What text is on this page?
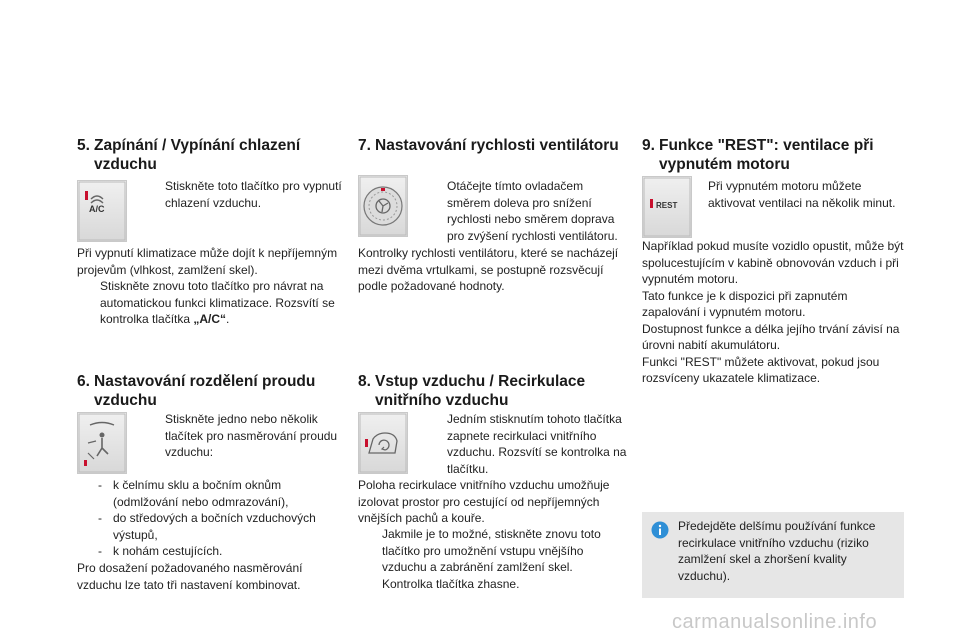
5. Zapínání / Vypínání chlazení vzduchu
A/C
Stiskněte toto tlačítko pro vypnutí chlazení vzduchu.
Při vypnutí klimatizace může dojít k nepříjemným projevům (vlhkost, zamlžení skel).
Stiskněte znovu toto tlačítko pro návrat na automatickou funkci klimatizace. Rozsvítí se kontrolka tlačítka „A/C“.
6. Nastavování rozdělení proudu vzduchu
Stiskněte jedno nebo několik tlačítek pro nasměrování proudu vzduchu:
- k čelnímu sklu a bočním oknům (odmlžování nebo odmrazování),
- do středových a bočních vzduchových výstupů,
- k nohám cestujících.
Pro dosažení požadovaného nasměrování vzduchu lze tato tři nastavení kombinovat.
7. Nastavování rychlosti ventilátoru
Otáčejte tímto ovladačem směrem doleva pro snížení rychlosti nebo směrem doprava pro zvýšení rychlosti ventilátoru.
Kontrolky rychlosti ventilátoru, které se nacházejí mezi dvěma vrtulkami, se postupně rozsvěcují podle požadované hodnoty.
8. Vstup vzduchu / Recirkulace vnitřního vzduchu
Jedním stisknutím tohoto tlačítka zapnete recirkulaci vnitřního vzduchu. Rozsvítí se kontrolka na tlačítku.
Poloha recirkulace vnitřního vzduchu umožňuje izolovat prostor pro cestující od nepříjemných vnějších pachů a kouře.
Jakmile je to možné, stiskněte znovu toto tlačítko pro umožnění vstupu vnějšího vzduchu a zabránění zamlžení skel. Kontrolka tlačítka zhasne.
9. Funkce "REST": ventilace při vypnutém motoru
REST
Při vypnutém motoru můžete aktivovat ventilaci na několik minut.
Například pokud musíte vozidlo opustit, může být spolucestujícím v kabině obnovován vzduch i při vypnutém motoru.
Tato funkce je k dispozici při zapnutém zapalování i vypnutém motoru.
Dostupnost funkce a délka jejího trvání závisí na úrovni nabití akumulátoru.
Funkci "REST" můžete aktivovat, pokud jsou rozsvíceny ukazatele klimatizace.
Předejděte delšímu používání funkce recirkulace vnitřního vzduchu (riziko zamlžení skel a zhoršení kvality vzduchu).
carmanualsonline.info
